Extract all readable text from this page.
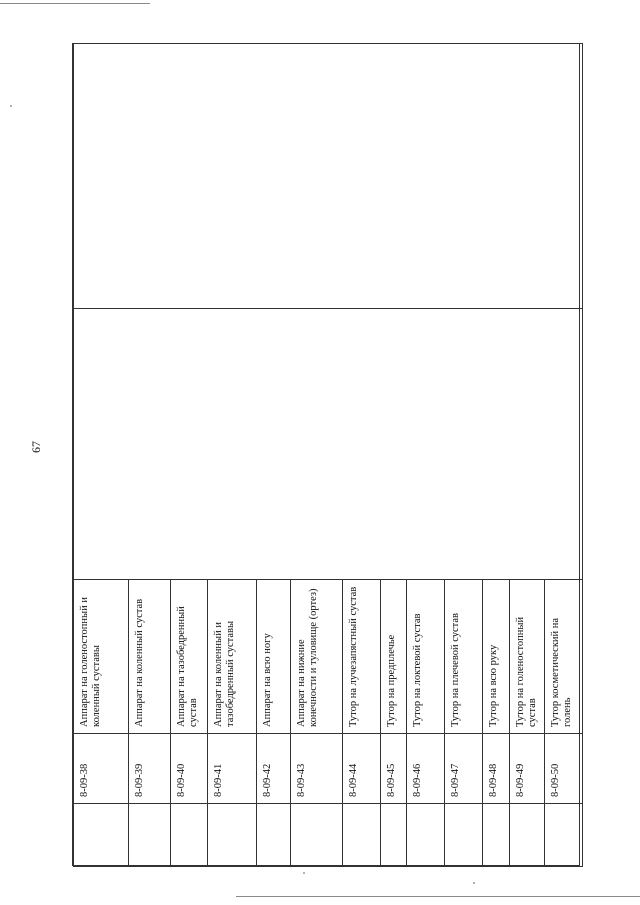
67
	8-09-38	Аппарат на голеностопный и коленный суставы		
	8-09-39	Аппарат на коленный сустав		
	8-09-40	Аппарат на тазобедренный сустав		
	8-09-41	Аппарат на коленный и тазобедренный суставы		
	8-09-42	Аппарат на всю ногу		
	8-09-43	Аппарат на нижние конечности и туловище (ортез)		
	8-09-44	Тутор на лучезапястный сустав		
	8-09-45	Тутор на предплечье		
	8-09-46	Тутор на локтевой сустав		
	8-09-47	Тутор на плечевой сустав		
	8-09-48	Тутор на всю руку		
	8-09-49	Тутор на голеностопный сустав		
	8-09-50	Тутор косметический на голень		
